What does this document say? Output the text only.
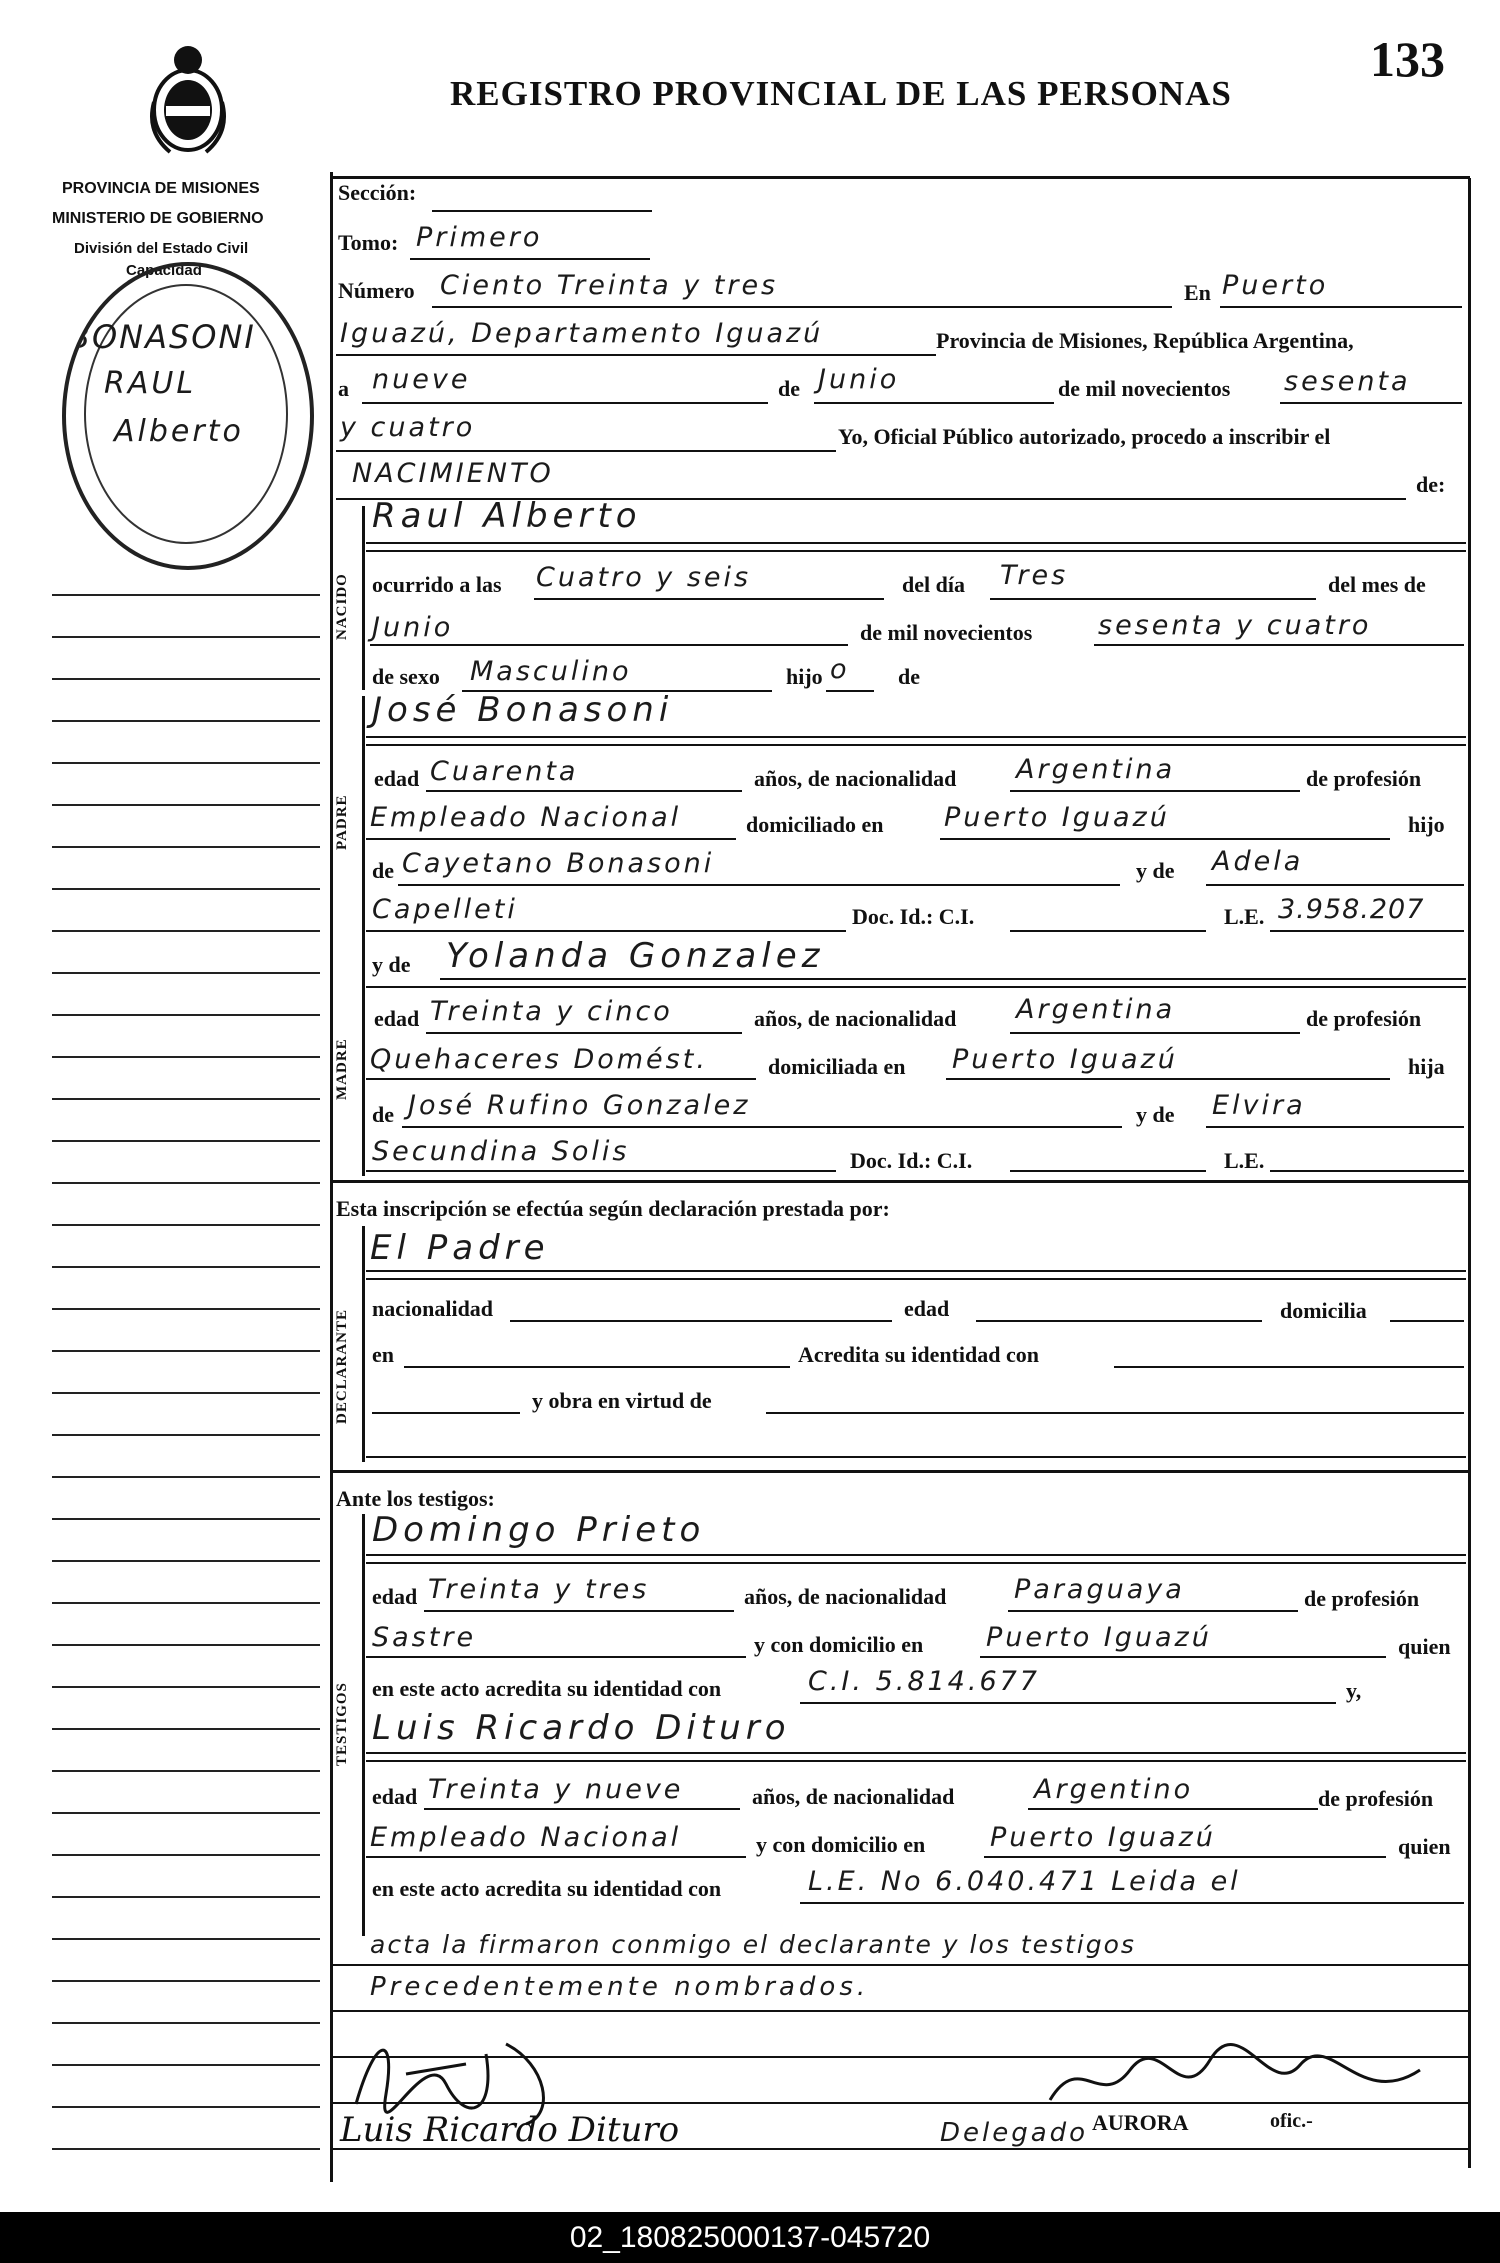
REGISTRO PROVINCIAL DE LAS PERSONAS
133
PROVINCIA DE MISIONES
MINISTERIO DE GOBIERNO
División del Estado Civil
Capacidad
BONASONI
RAUL
Alberto
Sección:
Tomo: Primero
Número Ciento Treinta y tres	En Puerto
Iguazú, Departamento Iguazú	Provincia de Misiones, República Argentina,
a nueve	de Junio	de mil novecientos sesenta
y cuatro	Yo, Oficial Público autorizado, procedo a inscribir el
NACIMIENTO	de:
NACIDO
Raul Alberto
ocurrido a las Cuatro y seis	del día Tres	del mes de
Junio	de mil novecientos sesenta y cuatro
de sexo Masculino	hijo o de
PADRE
José Bonasoni
edad Cuarenta	años, de nacionalidad Argentina	de profesión
Empleado Nacional	domiciliado en Puerto Iguazú	hijo
de Cayetano Bonasoni	y de Adela
Capelleti	Doc. Id.: C.I.	L.E. 3.958.207
MADRE
y de Yolanda Gonzalez
edad Treinta y cinco	años, de nacionalidad Argentina	de profesión
Quehaceres Domést.	domiciliada en Puerto Iguazú	hija
de José Rufino Gonzalez	y de Elvira
Secundina Solis	Doc. Id.: C.I.	L.E.
Esta inscripción se efectúa según declaración prestada por:
DECLARANTE
El Padre
nacionalidad	edad	domicilia
en	Acredita su identidad con
y obra en virtud de
Ante los testigos:
TESTIGOS
Domingo Prieto
edad Treinta y tres	años, de nacionalidad	Paraguaya	de profesión
Sastre	y con domicilio en Puerto Iguazú	quien
en este acto acredita su identidad con	C.I. 5.814.677	y,
Luis Ricardo Dituro
edad Treinta y nueve	años, de nacionalidad	Argentino	de profesión
Empleado Nacional	y con domicilio en Puerto Iguazú	quien
en este acto acredita su identidad con	L.E. No 6.040.471 Leida el
acta la firmaron conmigo el declarante y los testigos
Precedentemente nombrados.
Luis Ricardo Dituro	Delegado AURORA	ofic.-
02_180825000137-045720
